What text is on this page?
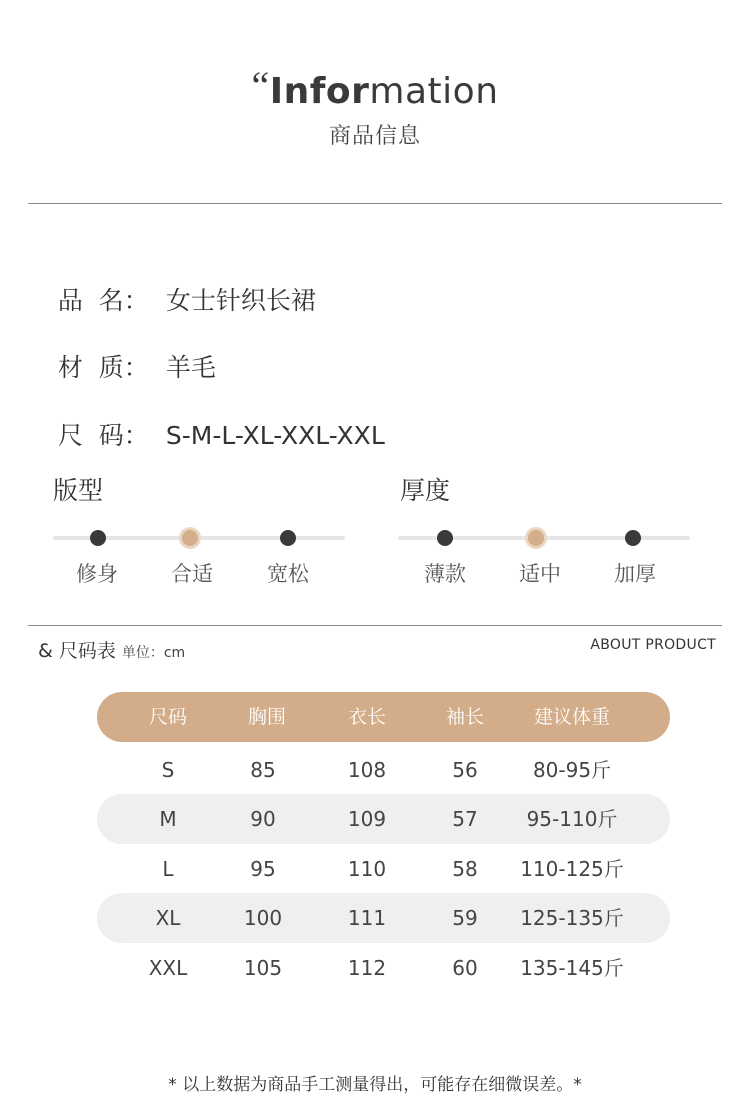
“Information
商品信息

品  名： 女士针织长裙

材  质： 羊毛

尺  码： S-M-L-XL-XXL-XXL

版型
修身	合适	宽松
厚度
薄款	适中	加厚
& 尺码表 单位：cm	ABOUT PRODUCT
尺码	胸围	衣长	袖长	建议体重
S	85	108	56	80-95斤
M	90	109	57 95-110斤
L	95	110	58 110-125斤
XL	100	111	59 125-135斤
XXL	105	112	60 135-145斤
* 以上数据为商品手工测量得出，可能存在细微误差。*
